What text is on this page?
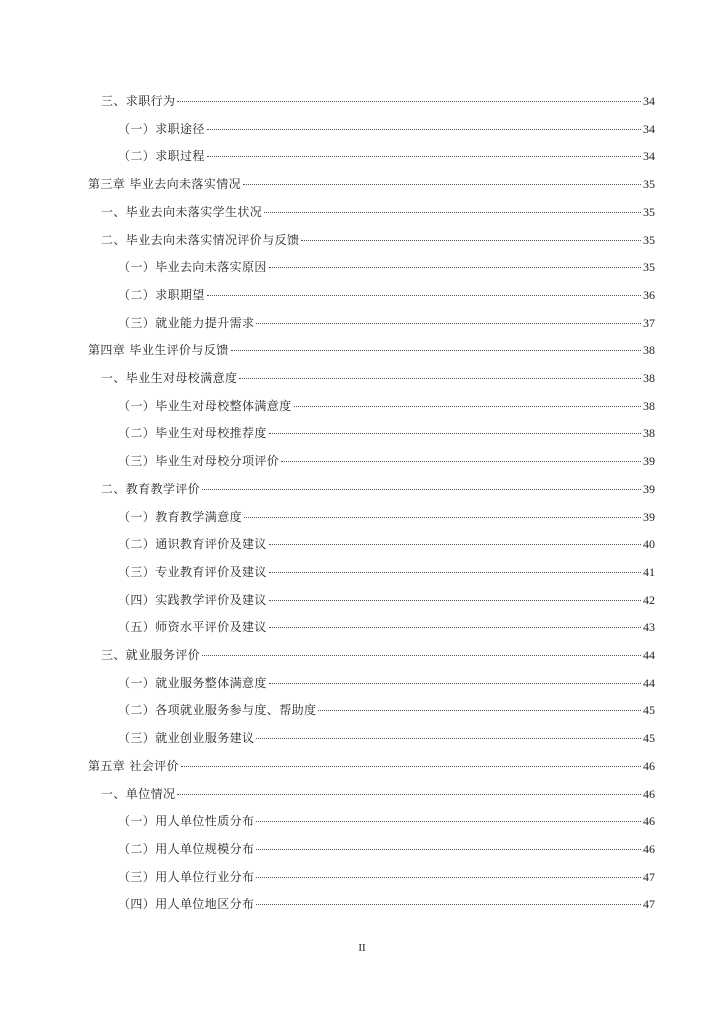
三、求职行为	34
（一）求职途径	34
（二）求职过程	34
第三章 毕业去向未落实情况	35
一、毕业去向未落实学生状况	35
二、毕业去向未落实情况评价与反馈	35
（一）毕业去向未落实原因	35
（二）求职期望	36
（三）就业能力提升需求	37
第四章 毕业生评价与反馈	38
一、毕业生对母校满意度	38
（一）毕业生对母校整体满意度	38
（二）毕业生对母校推荐度	38
（三）毕业生对母校分项评价	39
二、教育教学评价	39
（一）教育教学满意度	39
（二）通识教育评价及建议	40
（三）专业教育评价及建议	41
（四）实践教学评价及建议	42
（五）师资水平评价及建议	43
三、就业服务评价	44
（一）就业服务整体满意度	44
（二）各项就业服务参与度、帮助度	45
（三）就业创业服务建议	45
第五章 社会评价	46
一、单位情况	46
（一）用人单位性质分布	46
（二）用人单位规模分布	46
（三）用人单位行业分布	47
（四）用人单位地区分布	47
II
